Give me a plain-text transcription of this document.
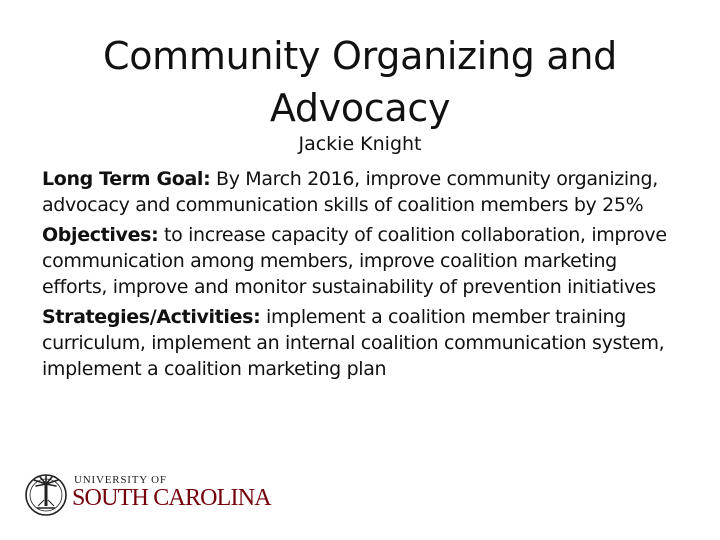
Community Organizing and Advocacy
Jackie Knight

Long Term Goal: By March 2016, improve community organizing, advocacy and communication skills of coalition members by 25%

Objectives: to increase capacity of coalition collaboration, improve communication among members, improve coalition marketing efforts, improve and monitor sustainability of prevention initiatives

Strategies/Activities: implement a coalition member training curriculum, implement an internal coalition communication system, implement a coalition marketing plan

UNIVERSITY OF
SOUTH CAROLINA
